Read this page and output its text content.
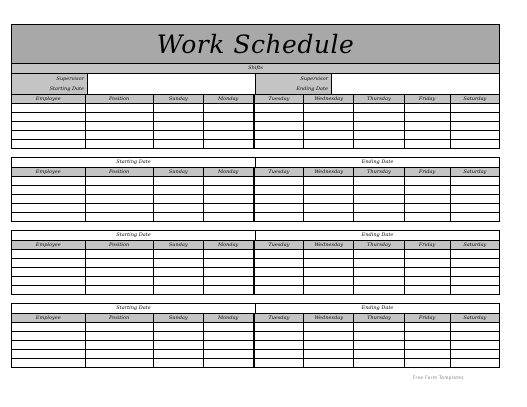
Work Schedule
Shifts
Supervisor
Starting Date
Supervisor
Ending Date
Employee	Position	Sunday	Monday	Tuesday	Wednesday	Thursday	Friday	Saturday

Starting Date	Ending Date
Employee	Position	Sunday	Monday	Tuesday	Wednesday	Thursday	Friday	Saturday

Starting Date	Ending Date
Employee	Position	Sunday	Monday	Tuesday	Wednesday	Thursday	Friday	Saturday

Starting Date	Ending Date
Employee	Position	Sunday	Monday	Tuesday	Wednesday	Thursday	Friday	Saturday

Free Form Templates
